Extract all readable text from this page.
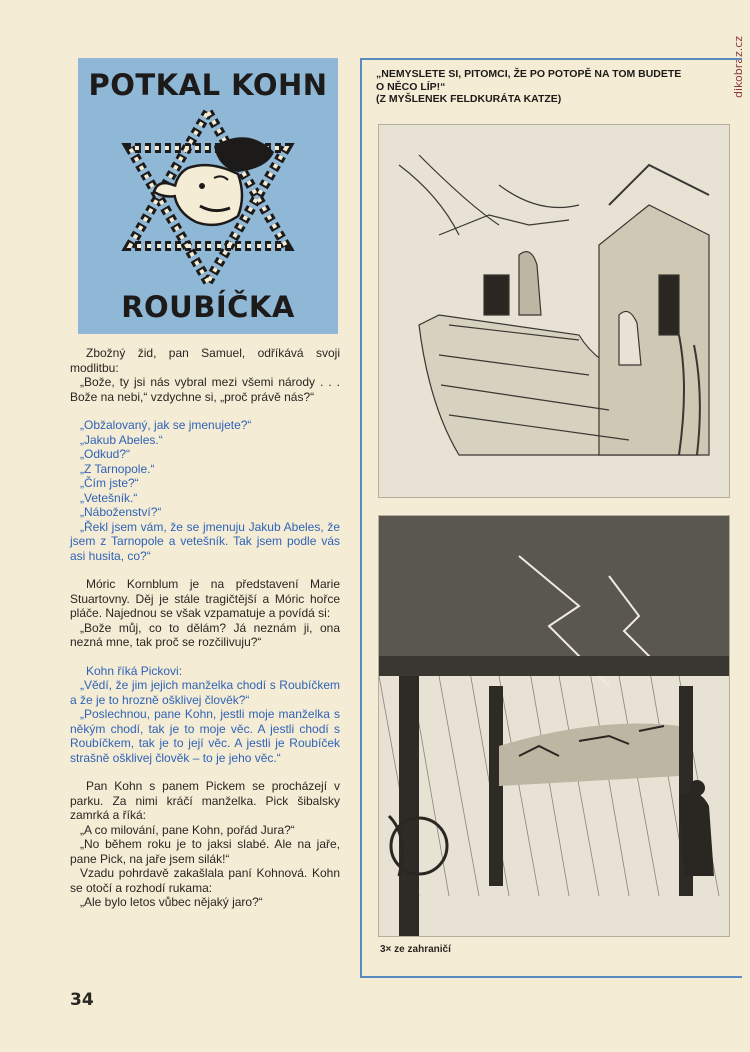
dikobraz.cz
POTKAL KOHN
ROUBÍČKA
Zbožný žid, pan Samuel, odříkává svoji modlitbu:
„Bože, ty jsi nás vybral mezi všemi národy . . . Bože na nebi,“ vzdychne si, „proč právě nás?“
„Obžalovaný, jak se jmenujete?“
„Jakub Abeles.“
„Odkud?“
„Z Tarnopole.“
„Čím jste?“
„Vetešník.“
„Náboženství?“
„Řekl jsem vám, že se jmenuju Jakub Abeles, že jsem z Tarnopole a vetešník. Tak jsem podle vás asi husita, co?“
Móric Kornblum je na představení Marie Stuartovny. Děj je stále tragičtější a Móric hořce pláče. Najednou se však vzpamatuje a povídá si:
„Bože můj, co to dělám? Já neznám ji, ona nezná mne, tak proč se rozčilivuju?“
Kohn říká Pickovi:
„Vědí, že jim jejich manželka chodí s Roubíčkem a že je to hrozně ošklivej člověk?“
„Poslechnou, pane Kohn, jestli moje manželka s někým chodí, tak je to moje věc. A jestli chodí s Roubíčkem, tak je to její věc. A jestli je Roubíček strašně ošklivej člověk – to je jeho věc.“
Pan Kohn s panem Pickem se procházejí v parku. Za nimi kráčí manželka. Pick šibalsky zamrká a říká:
„A co milování, pane Kohn, pořád Jura?“
„No během roku je to jaksi slabé. Ale na jaře, pane Pick, na jaře jsem silák!“
Vzadu pohrdavě zakašlala paní Kohnová. Kohn se otočí a rozhodí rukama:
„Ale bylo letos vůbec nějaký jaro?“
„NEMYSLETE SI, PITOMCI, ŽE PO POTOPĚ NA TOM BUDETE
O NĚCO LÍP!“
(Z MYŠLENEK FELDKURÁTA KATZE)
3× ze zahraničí
34
